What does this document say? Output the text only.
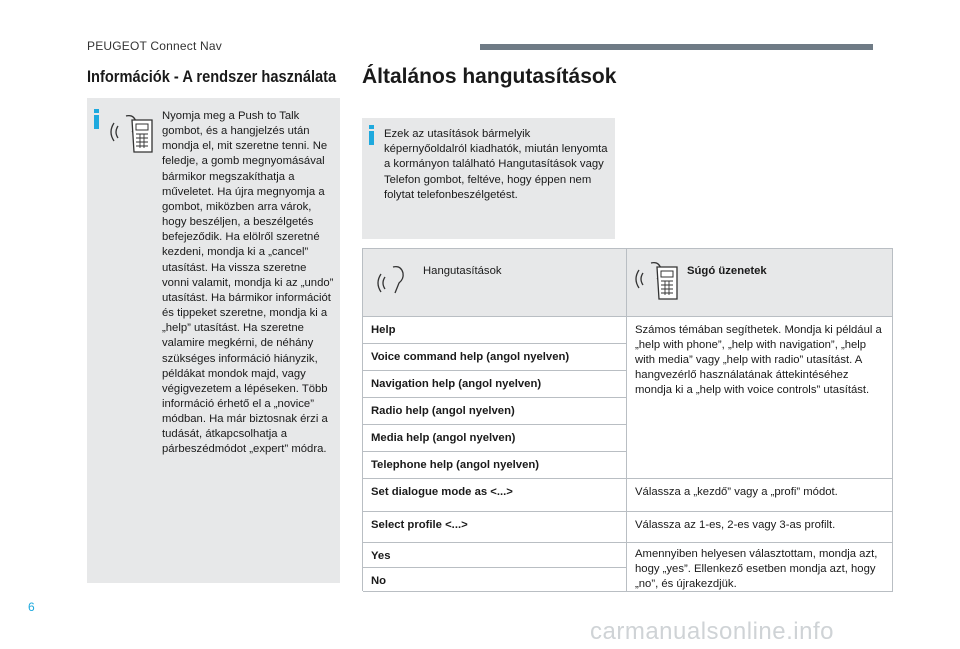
PEUGEOT Connect Nav
Információk - A rendszer használata
Nyomja meg a Push to Talk gombot, és a hangjelzés után mondja el, mit szeretne tenni. Ne feledje, a gomb megnyomásával bármikor megszakíthatja a műveletet. Ha újra megnyomja a gombot, miközben arra várok, hogy beszéljen, a beszélgetés befejeződik. Ha elölről szeretné kezdeni, mondja ki a „cancel” utasítást. Ha vissza szeretne vonni valamit, mondja ki az „undo” utasítást. Ha bármikor információt és tippeket szeretne, mondja ki a „help” utasítást. Ha szeretne valamire megkérni, de néhány szükséges információ hiányzik, példákat mondok majd, vagy végigvezetem a lépéseken. Több információ érhető el a „novice” módban. Ha már biztosnak érzi a tudását, átkapcsolhatja a párbeszédmódot „expert” módra.
Általános hangutasítások
Ezek az utasítások bármelyik képernyőoldalról kiadhatók, miután lenyomta a kormányon található Hangutasítások vagy Telefon gombot, feltéve, hogy éppen nem folytat telefonbeszélgetést.
Hangutasítások	Súgó üzenetek
Help
Voice command help (angol nyelven)
Navigation help (angol nyelven)
Radio help (angol nyelven)
Media help (angol nyelven)
Telephone help (angol nyelven)
Számos témában segíthetek. Mondja ki például a „help with phone”, „help with navigation”, „help with media” vagy „help with radio” utasítást. A hangvezérlő használatának áttekintéséhez mondja ki a „help with voice controls” utasítást.
Set dialogue mode as <...>	Válassza a „kezdő” vagy a „profi” módot.
Select profile <...>	Válassza az 1-es, 2-es vagy 3-as profilt.
Yes
No
Amennyiben helyesen választottam, mondja azt, hogy „yes”. Ellenkező esetben mondja azt, hogy „no”, és újrakezdjük.
6
carmanualsonline.info
